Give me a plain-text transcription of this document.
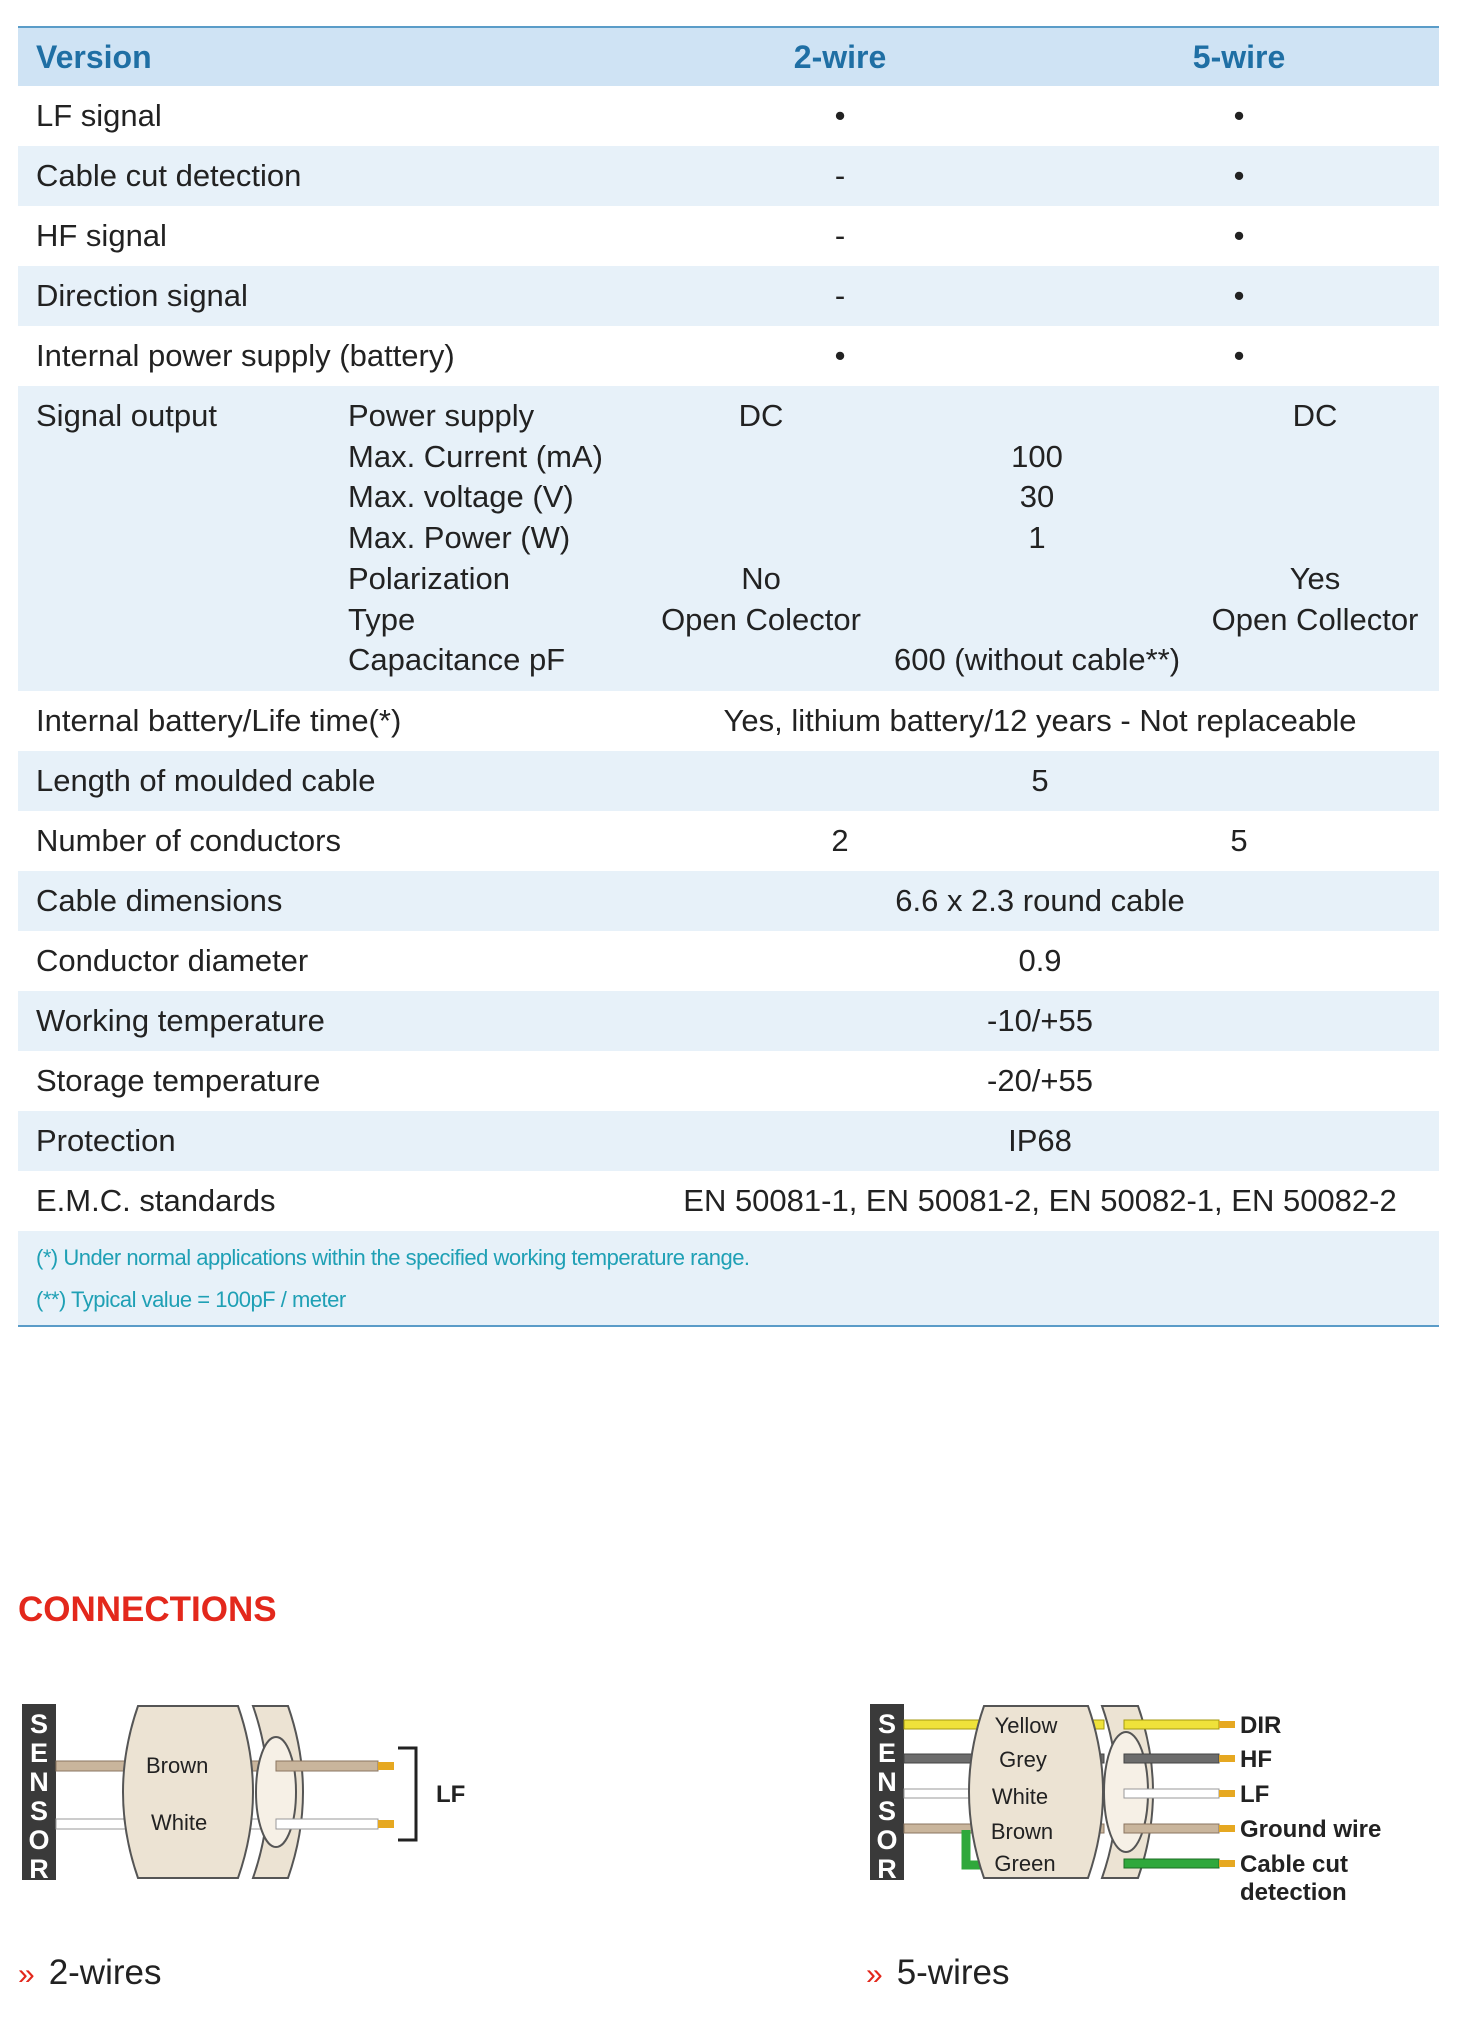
Version	2-wire	5-wire
LF signal	•	•
Cable cut detection	-	•
HF signal	-	•
Direction signal	-	•
Internal power supply (battery)	•	•
Signal output	Power supply	DC	DC
Max. Current (mA)	100
Max. voltage (V)	30
Max. Power (W)	1
Polarization	No	Yes
Type	Open Colector	Open Collector
Capacitance pF	600 (without cable**)
Internal battery/Life time(*)	Yes, lithium battery/12 years - Not replaceable
Length of moulded cable	5
Number of conductors	2	5
Cable dimensions	6.6 x 2.3 round cable
Conductor diameter	0.9
Working temperature	-10/+55
Storage temperature	-20/+55
Protection	IP68
E.M.C. standards	EN 50081-1, EN 50081-2, EN 50082-1, EN 50082-2
(*) Under normal applications within the specified working temperature range.
(**) Typical value = 100pF / meter
CONNECTIONS
S
E
N
S
O
R
Brown
White
LF
» 2-wires
S
E
N
S
O
R
Yellow
Grey
White
Brown
Green
DIR
HF
LF
Ground wire
Cable cut
detection
» 5-wires
